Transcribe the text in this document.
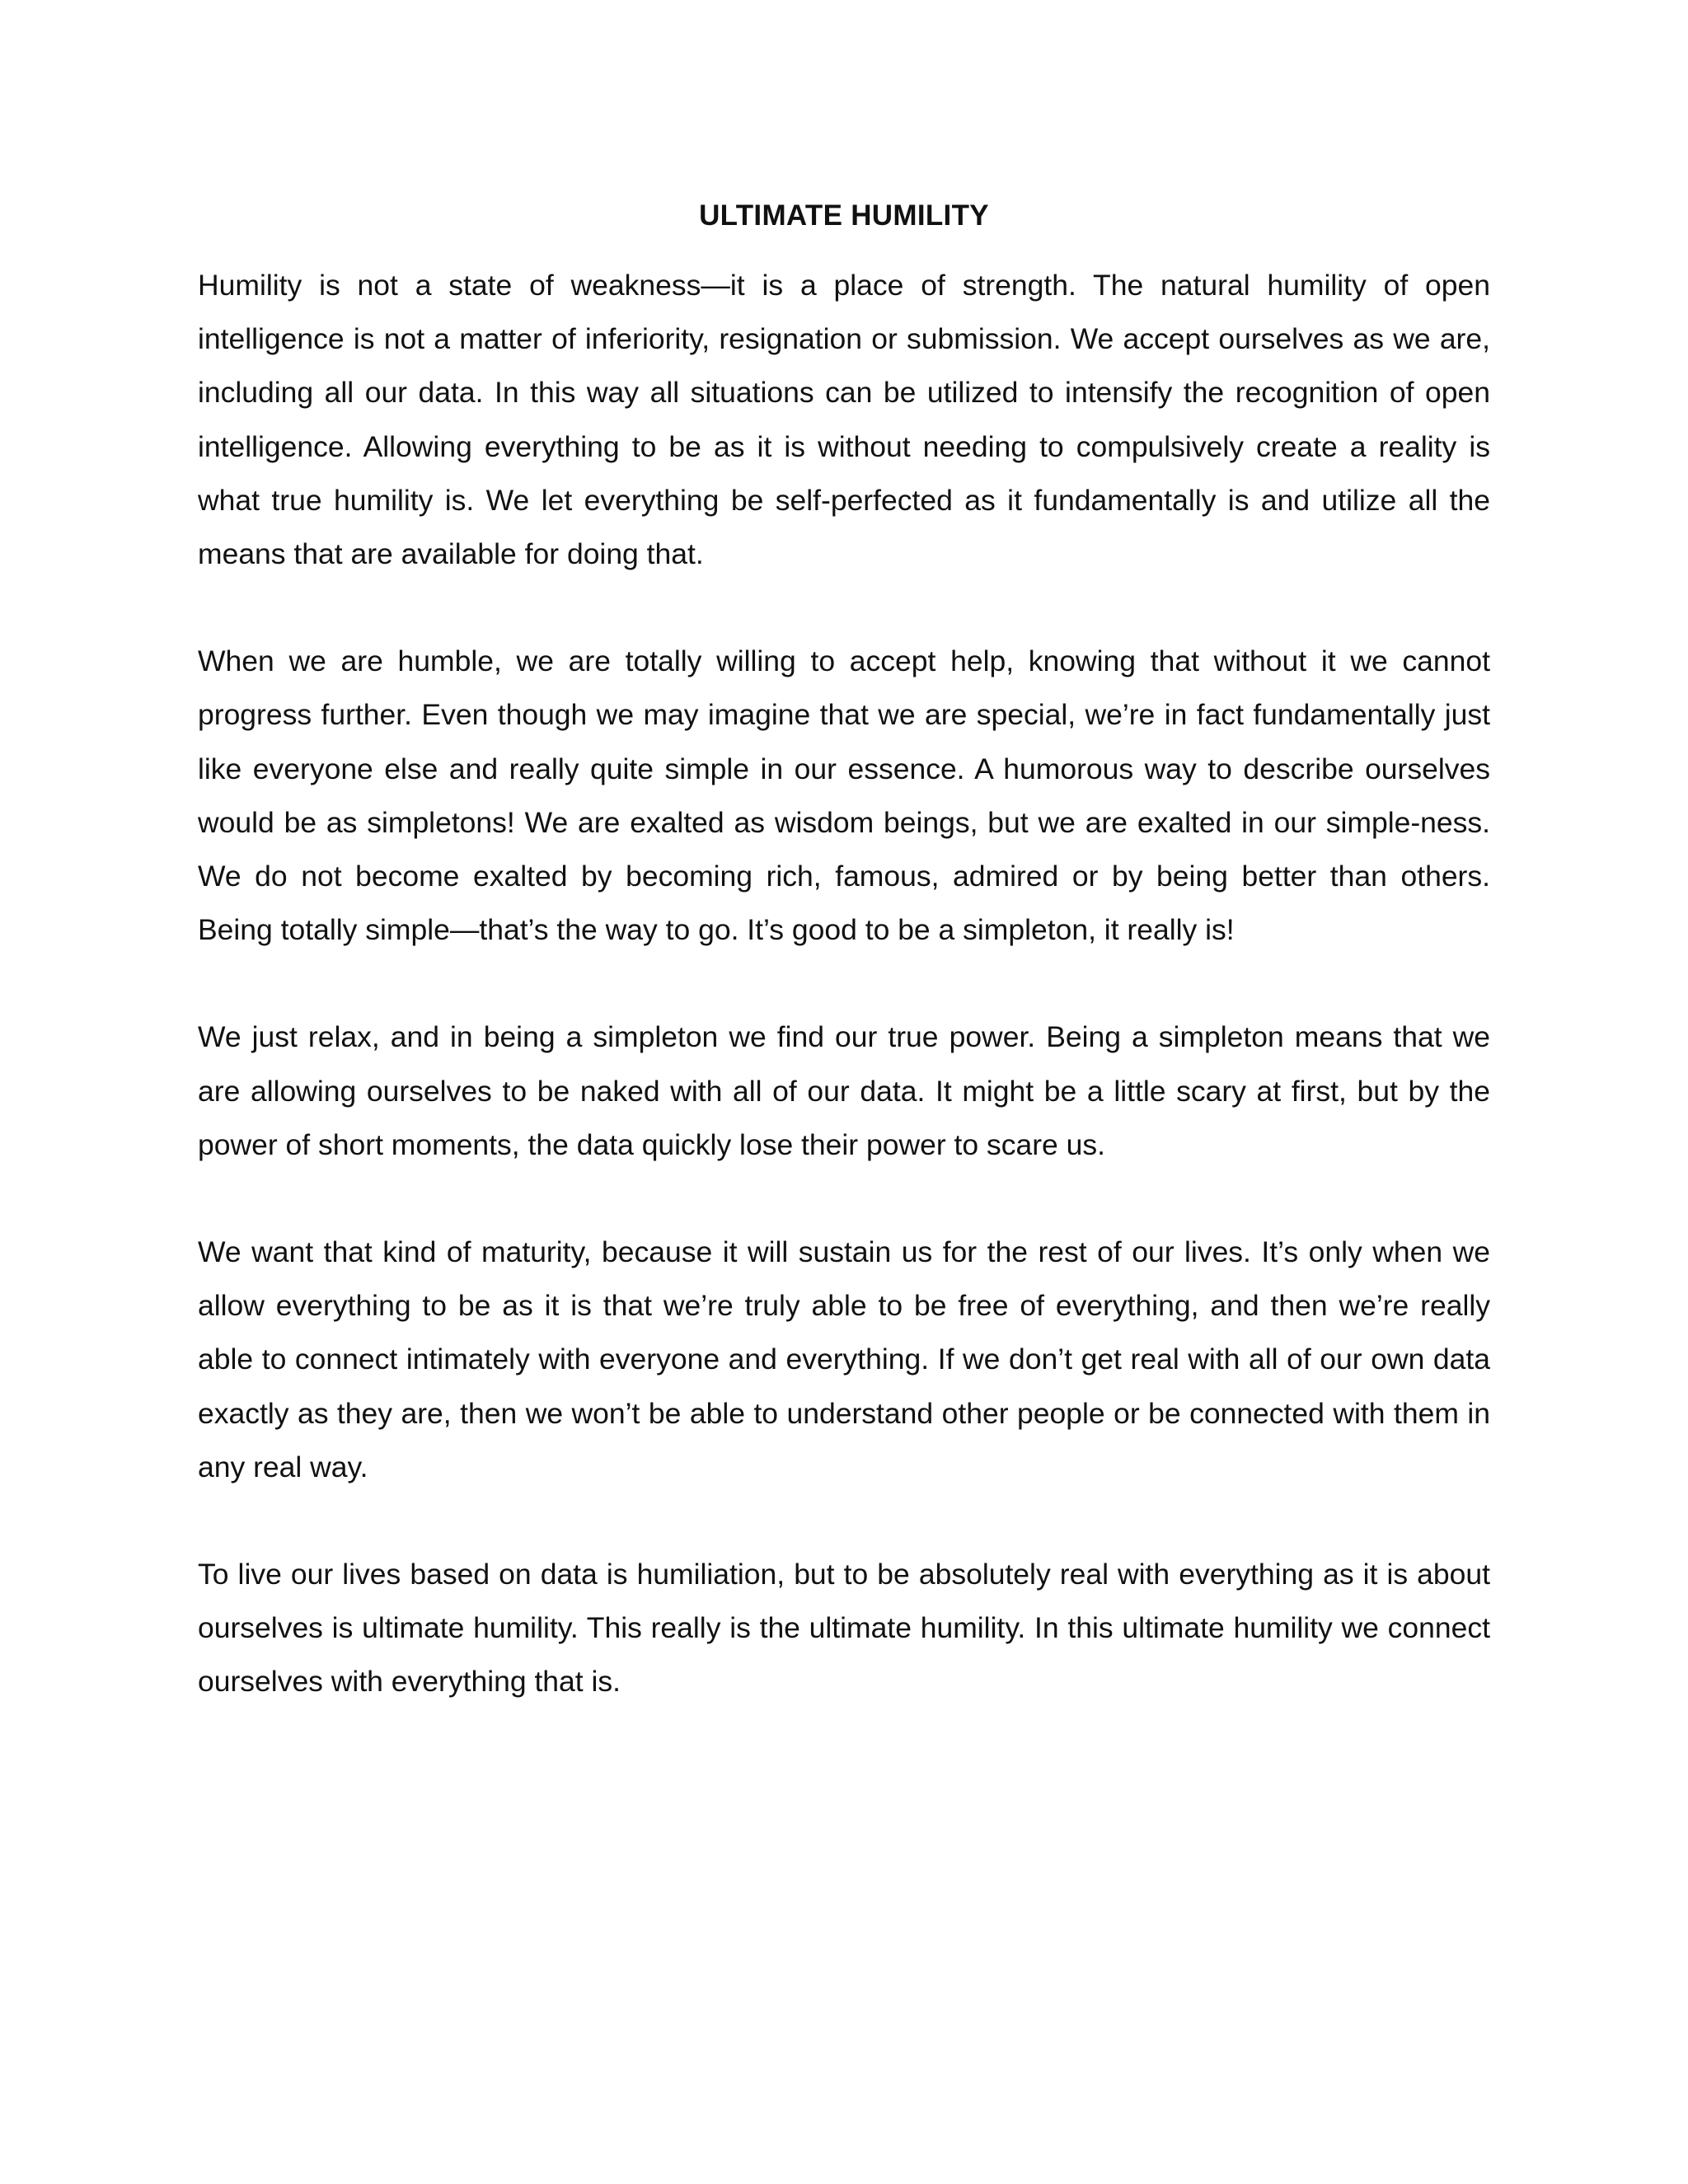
ULTIMATE HUMILITY

Humility is not a state of weakness—it is a place of strength. The natural humility of open intelligence is not a matter of inferiority, resignation or submission. We accept ourselves as we are, including all our data. In this way all situations can be utilized to intensify the recognition of open intelligence. Allowing everything to be as it is without needing to compulsively create a reality is what true humility is. We let everything be self-perfected as it fundamentally is and utilize all the means that are available for doing that.

When we are humble, we are totally willing to accept help, knowing that without it we cannot progress further. Even though we may imagine that we are special, we’re in fact fundamentally just like everyone else and really quite simple in our essence. A humorous way to describe ourselves would be as simpletons! We are exalted as wisdom beings, but we are exalted in our simple-ness. We do not become exalted by becoming rich, famous, admired or by being better than others. Being totally simple—that’s the way to go. It’s good to be a simpleton, it really is!

We just relax, and in being a simpleton we find our true power. Being a simpleton means that we are allowing ourselves to be naked with all of our data. It might be a little scary at first, but by the power of short moments, the data quickly lose their power to scare us.

We want that kind of maturity, because it will sustain us for the rest of our lives. It’s only when we allow everything to be as it is that we’re truly able to be free of everything, and then we’re really able to connect intimately with everyone and everything. If we don’t get real with all of our own data exactly as they are, then we won’t be able to understand other people or be connected with them in any real way.

To live our lives based on data is humiliation, but to be absolutely real with everything as it is about ourselves is ultimate humility. This really is the ultimate humility. In this ultimate humility we connect ourselves with everything that is.
